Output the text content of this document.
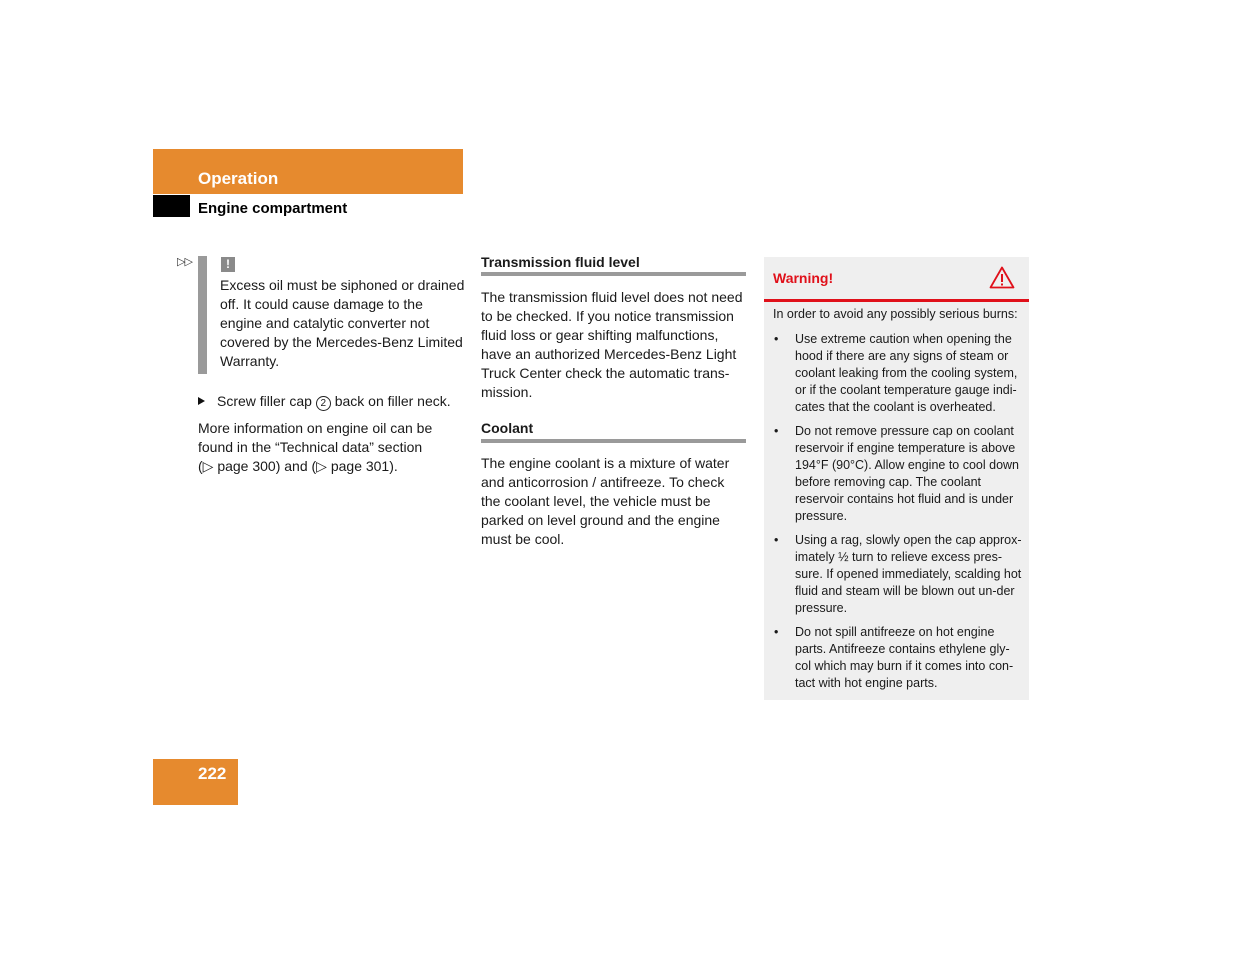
Operation
Engine compartment
▷▷	!
Excess oil must be siphoned or drained off. It could cause damage to the engine and catalytic converter not covered by the Mercedes-Benz Limited Warranty.
Screw filler cap 2 back on filler neck.
More information on engine oil can be found in the “Technical data” section
(▷ page 300) and (▷ page 301).
Transmission fluid level
The transmission fluid level does not need to be checked. If you notice transmission fluid loss or gear shifting malfunctions, have an authorized Mercedes-Benz Light Truck Center check the automatic trans-mission.
Coolant
The engine coolant is a mixture of water and anticorrosion / antifreeze. To check the coolant level, the vehicle must be parked on level ground and the engine must be cool.
Warning!
In order to avoid any possibly serious burns:
• Use extreme caution when opening the hood if there are any signs of steam or coolant leaking from the cooling system, or if the coolant temperature gauge indi-cates that the coolant is overheated.
• Do not remove pressure cap on coolant reservoir if engine temperature is above 194°F (90°C). Allow engine to cool down before removing cap. The coolant reservoir contains hot fluid and is under pressure.
• Using a rag, slowly open the cap approx-imately ½ turn to relieve excess pres-sure. If opened immediately, scalding hot fluid and steam will be blown out un-der pressure.
• Do not spill antifreeze on hot engine parts. Antifreeze contains ethylene gly-col which may burn if it comes into con-tact with hot engine parts.
222
